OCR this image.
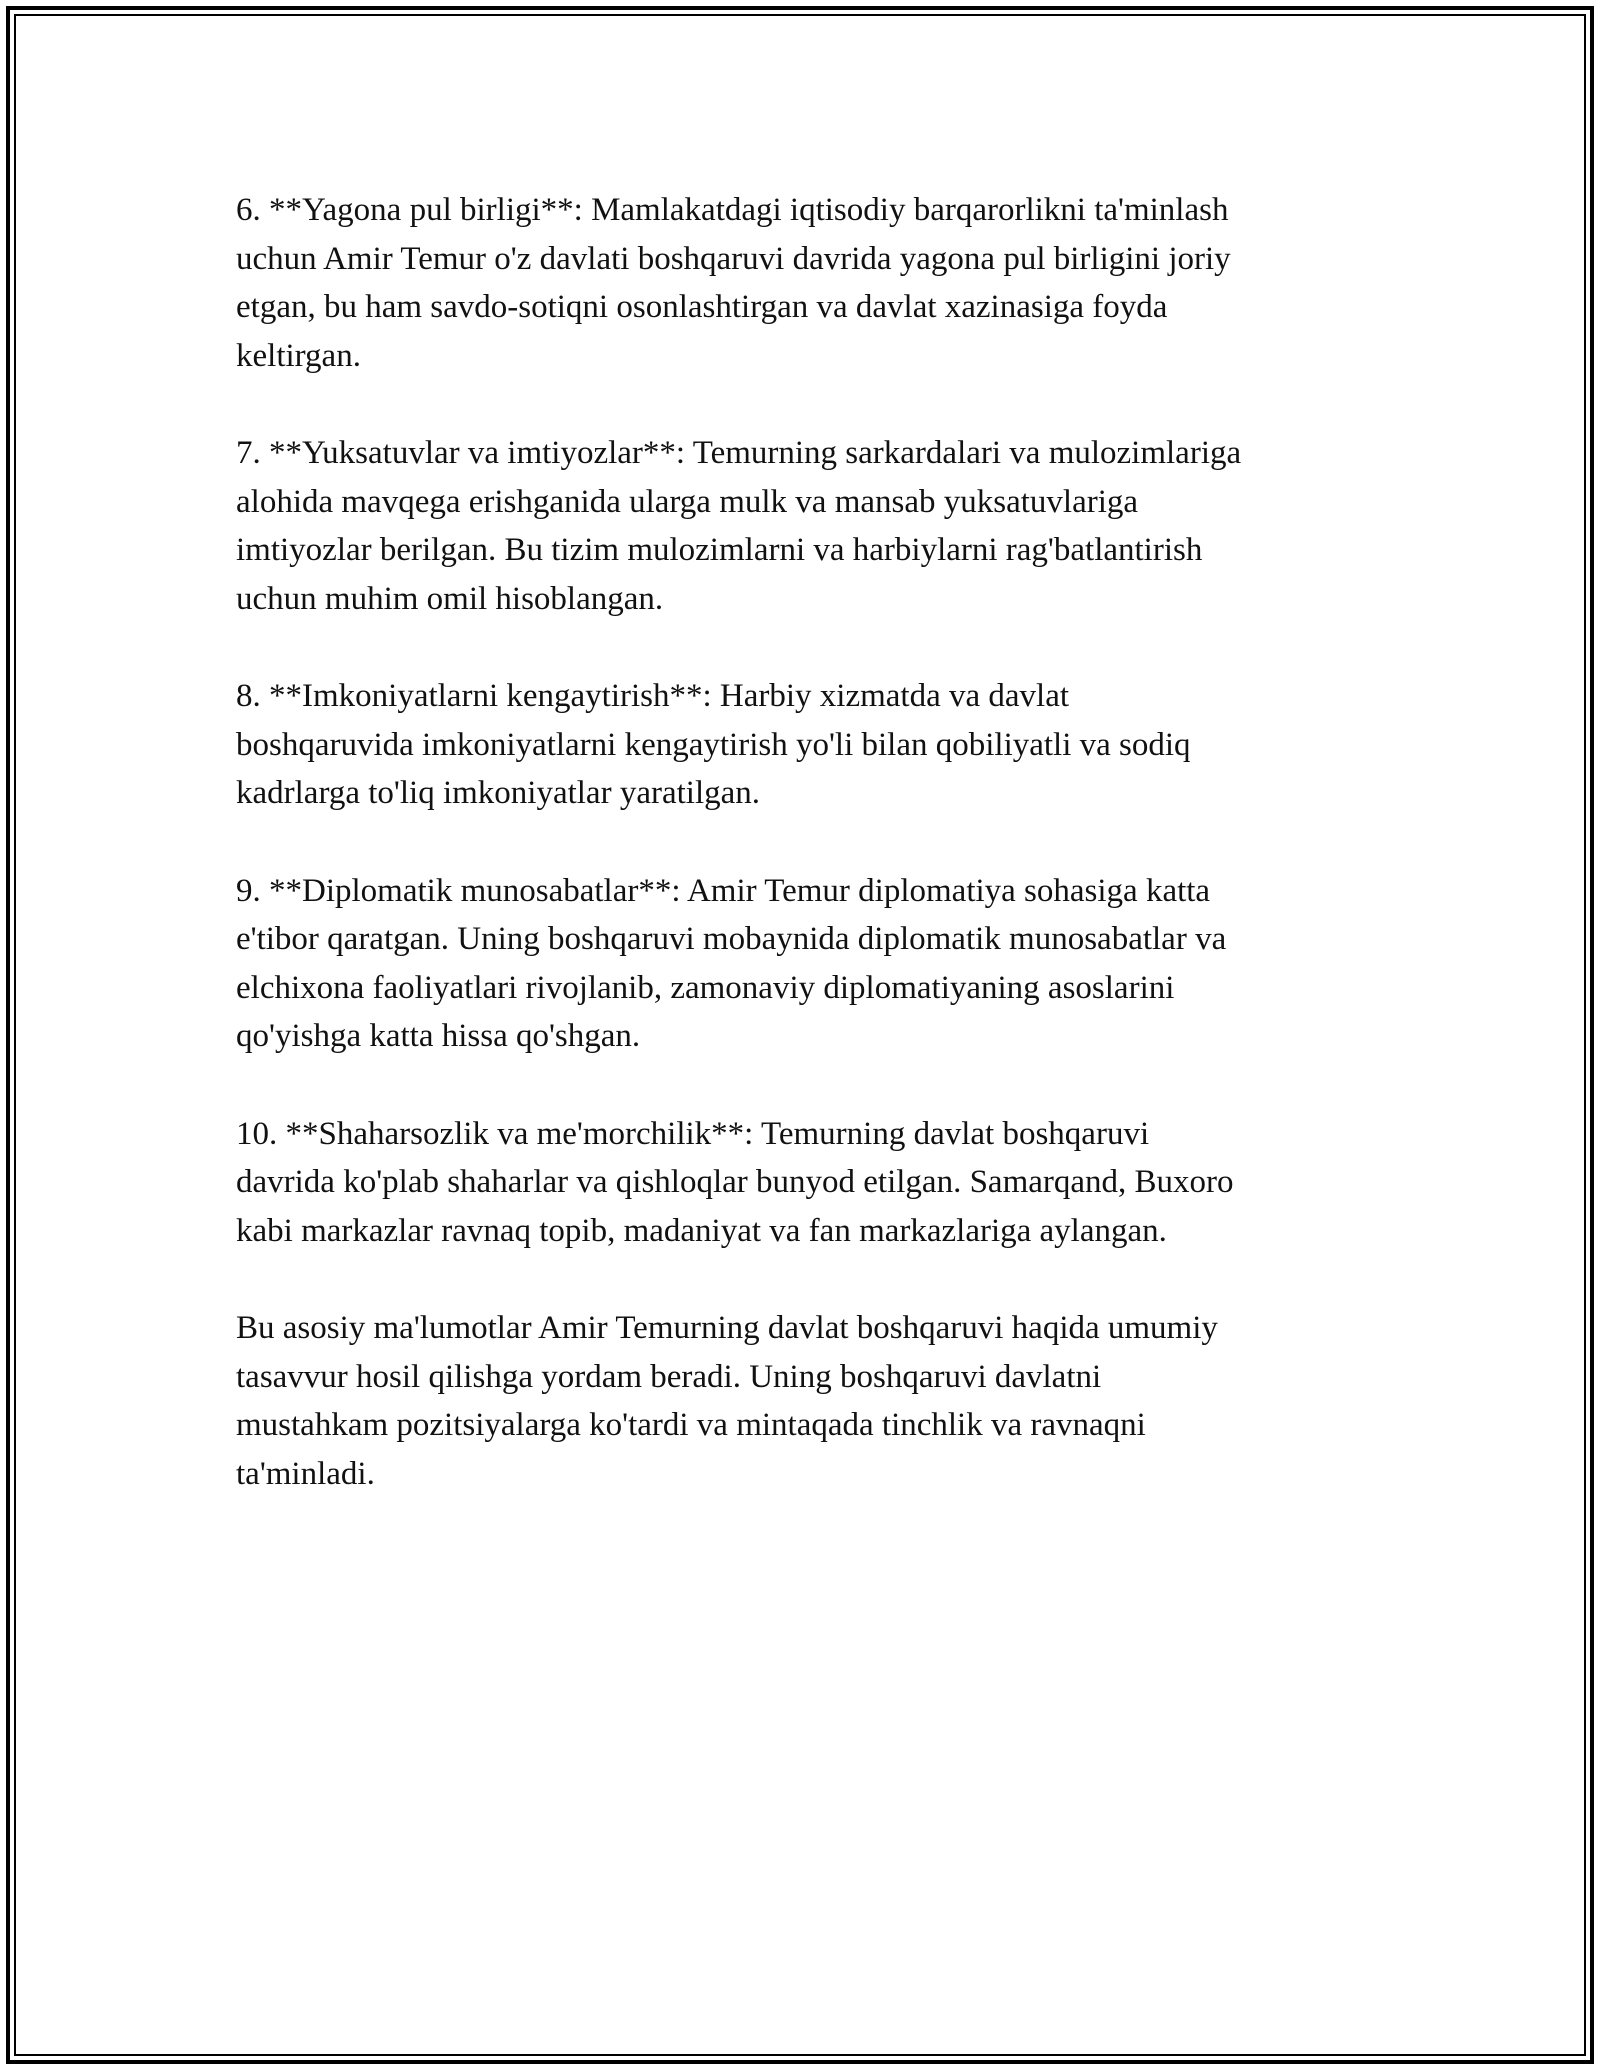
6. **Yagona pul birligi**: Mamlakatdagi iqtisodiy barqarorlikni ta'minlash
uchun Amir Temur o'z davlati boshqaruvi davrida yagona pul birligini joriy
etgan, bu ham savdo-sotiqni osonlashtirgan va davlat xazinasiga foyda
keltirgan.

7. **Yuksatuvlar va imtiyozlar**: Temurning sarkardalari va mulozimlariga
alohida mavqega erishganida ularga mulk va mansab yuksatuvlariga
imtiyozlar berilgan. Bu tizim mulozimlarni va harbiylarni rag'batlantirish
uchun muhim omil hisoblangan.

8. **Imkoniyatlarni kengaytirish**: Harbiy xizmatda va davlat
boshqaruvida imkoniyatlarni kengaytirish yo'li bilan qobiliyatli va sodiq
kadrlarga to'liq imkoniyatlar yaratilgan.

9. **Diplomatik munosabatlar**: Amir Temur diplomatiya sohasiga katta
e'tibor qaratgan. Uning boshqaruvi mobaynida diplomatik munosabatlar va
elchixona faoliyatlari rivojlanib, zamonaviy diplomatiyaning asoslarini
qo'yishga katta hissa qo'shgan.

10. **Shaharsozlik va me'morchilik**: Temurning davlat boshqaruvi
davrida ko'plab shaharlar va qishloqlar bunyod etilgan. Samarqand, Buxoro
kabi markazlar ravnaq topib, madaniyat va fan markazlariga aylangan.

Bu asosiy ma'lumotlar Amir Temurning davlat boshqaruvi haqida umumiy
tasavvur hosil qilishga yordam beradi. Uning boshqaruvi davlatni
mustahkam pozitsiyalarga ko'tardi va mintaqada tinchlik va ravnaqni
ta'minladi.
